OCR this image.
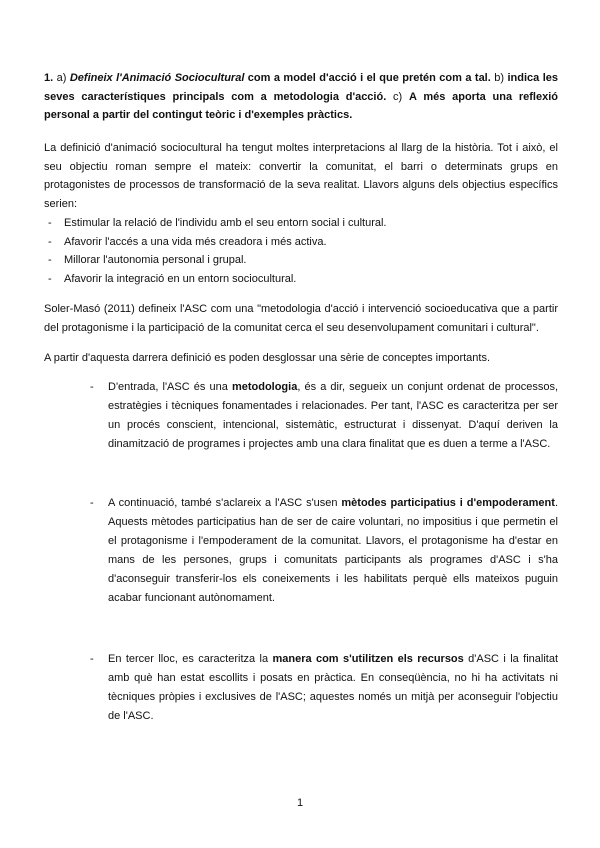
1. a) Defineix l'Animació Sociocultural com a model d'acció i el que pretén com a tal. b) indica les seves característiques principals com a metodologia d'acció. c) A més aporta una reflexió personal a partir del contingut teòric i d'exemples pràctics.
La definició d'animació sociocultural ha tengut moltes interpretacions al llarg de la història. Tot i això, el seu objectiu roman sempre el mateix: convertir la comunitat, el barri o determinats grups en protagonistes de processos de transformació de la seva realitat. Llavors alguns dels objectius específics serien:
- Estimular la relació de l'individu amb el seu entorn social i cultural.
- Afavorir l'accés a una vida més creadora i més activa.
- Millorar l'autonomia personal i grupal.
- Afavorir la integració en un entorn sociocultural.
Soler-Masó (2011) defineix l'ASC com una "metodologia d'acció i intervenció socioeducativa que a partir del protagonisme i la participació de la comunitat cerca el seu desenvolupament comunitari i cultural".
A partir d'aquesta darrera definició es poden desglossar una sèrie de conceptes importants.
-	D'entrada, l'ASC és una metodologia, és a dir, segueix un conjunt ordenat de processos, estratègies i tècniques fonamentades i relacionades. Per tant, l'ASC es caracteritza per ser un procés conscient, intencional, sistemàtic, estructurat i dissenyat. D'aquí deriven la dinamització de programes i projectes amb una clara finalitat que es duen a terme a l'ASC.
-	A continuació, també s'aclareix a l'ASC s'usen mètodes participatius i d'empoderament. Aquests mètodes participatius han de ser de caire voluntari, no impositius i que permetin el el protagonisme i l'empoderament de la comunitat. Llavors, el protagonisme ha d'estar en mans de les persones, grups i comunitats participants als programes d'ASC i s'ha d'aconseguir transferir-los els coneixements i les habilitats perquè ells mateixos puguin acabar funcionant autònomament.
-	En tercer lloc, es caracteritza la manera com s'utilitzen els recursos d'ASC i la finalitat amb què han estat escollits i posats en pràctica. En conseqüència, no hi ha activitats ni tècniques pròpies i exclusives de l'ASC; aquestes només un mitjà per aconseguir l'objectiu de l'ASC.
1
